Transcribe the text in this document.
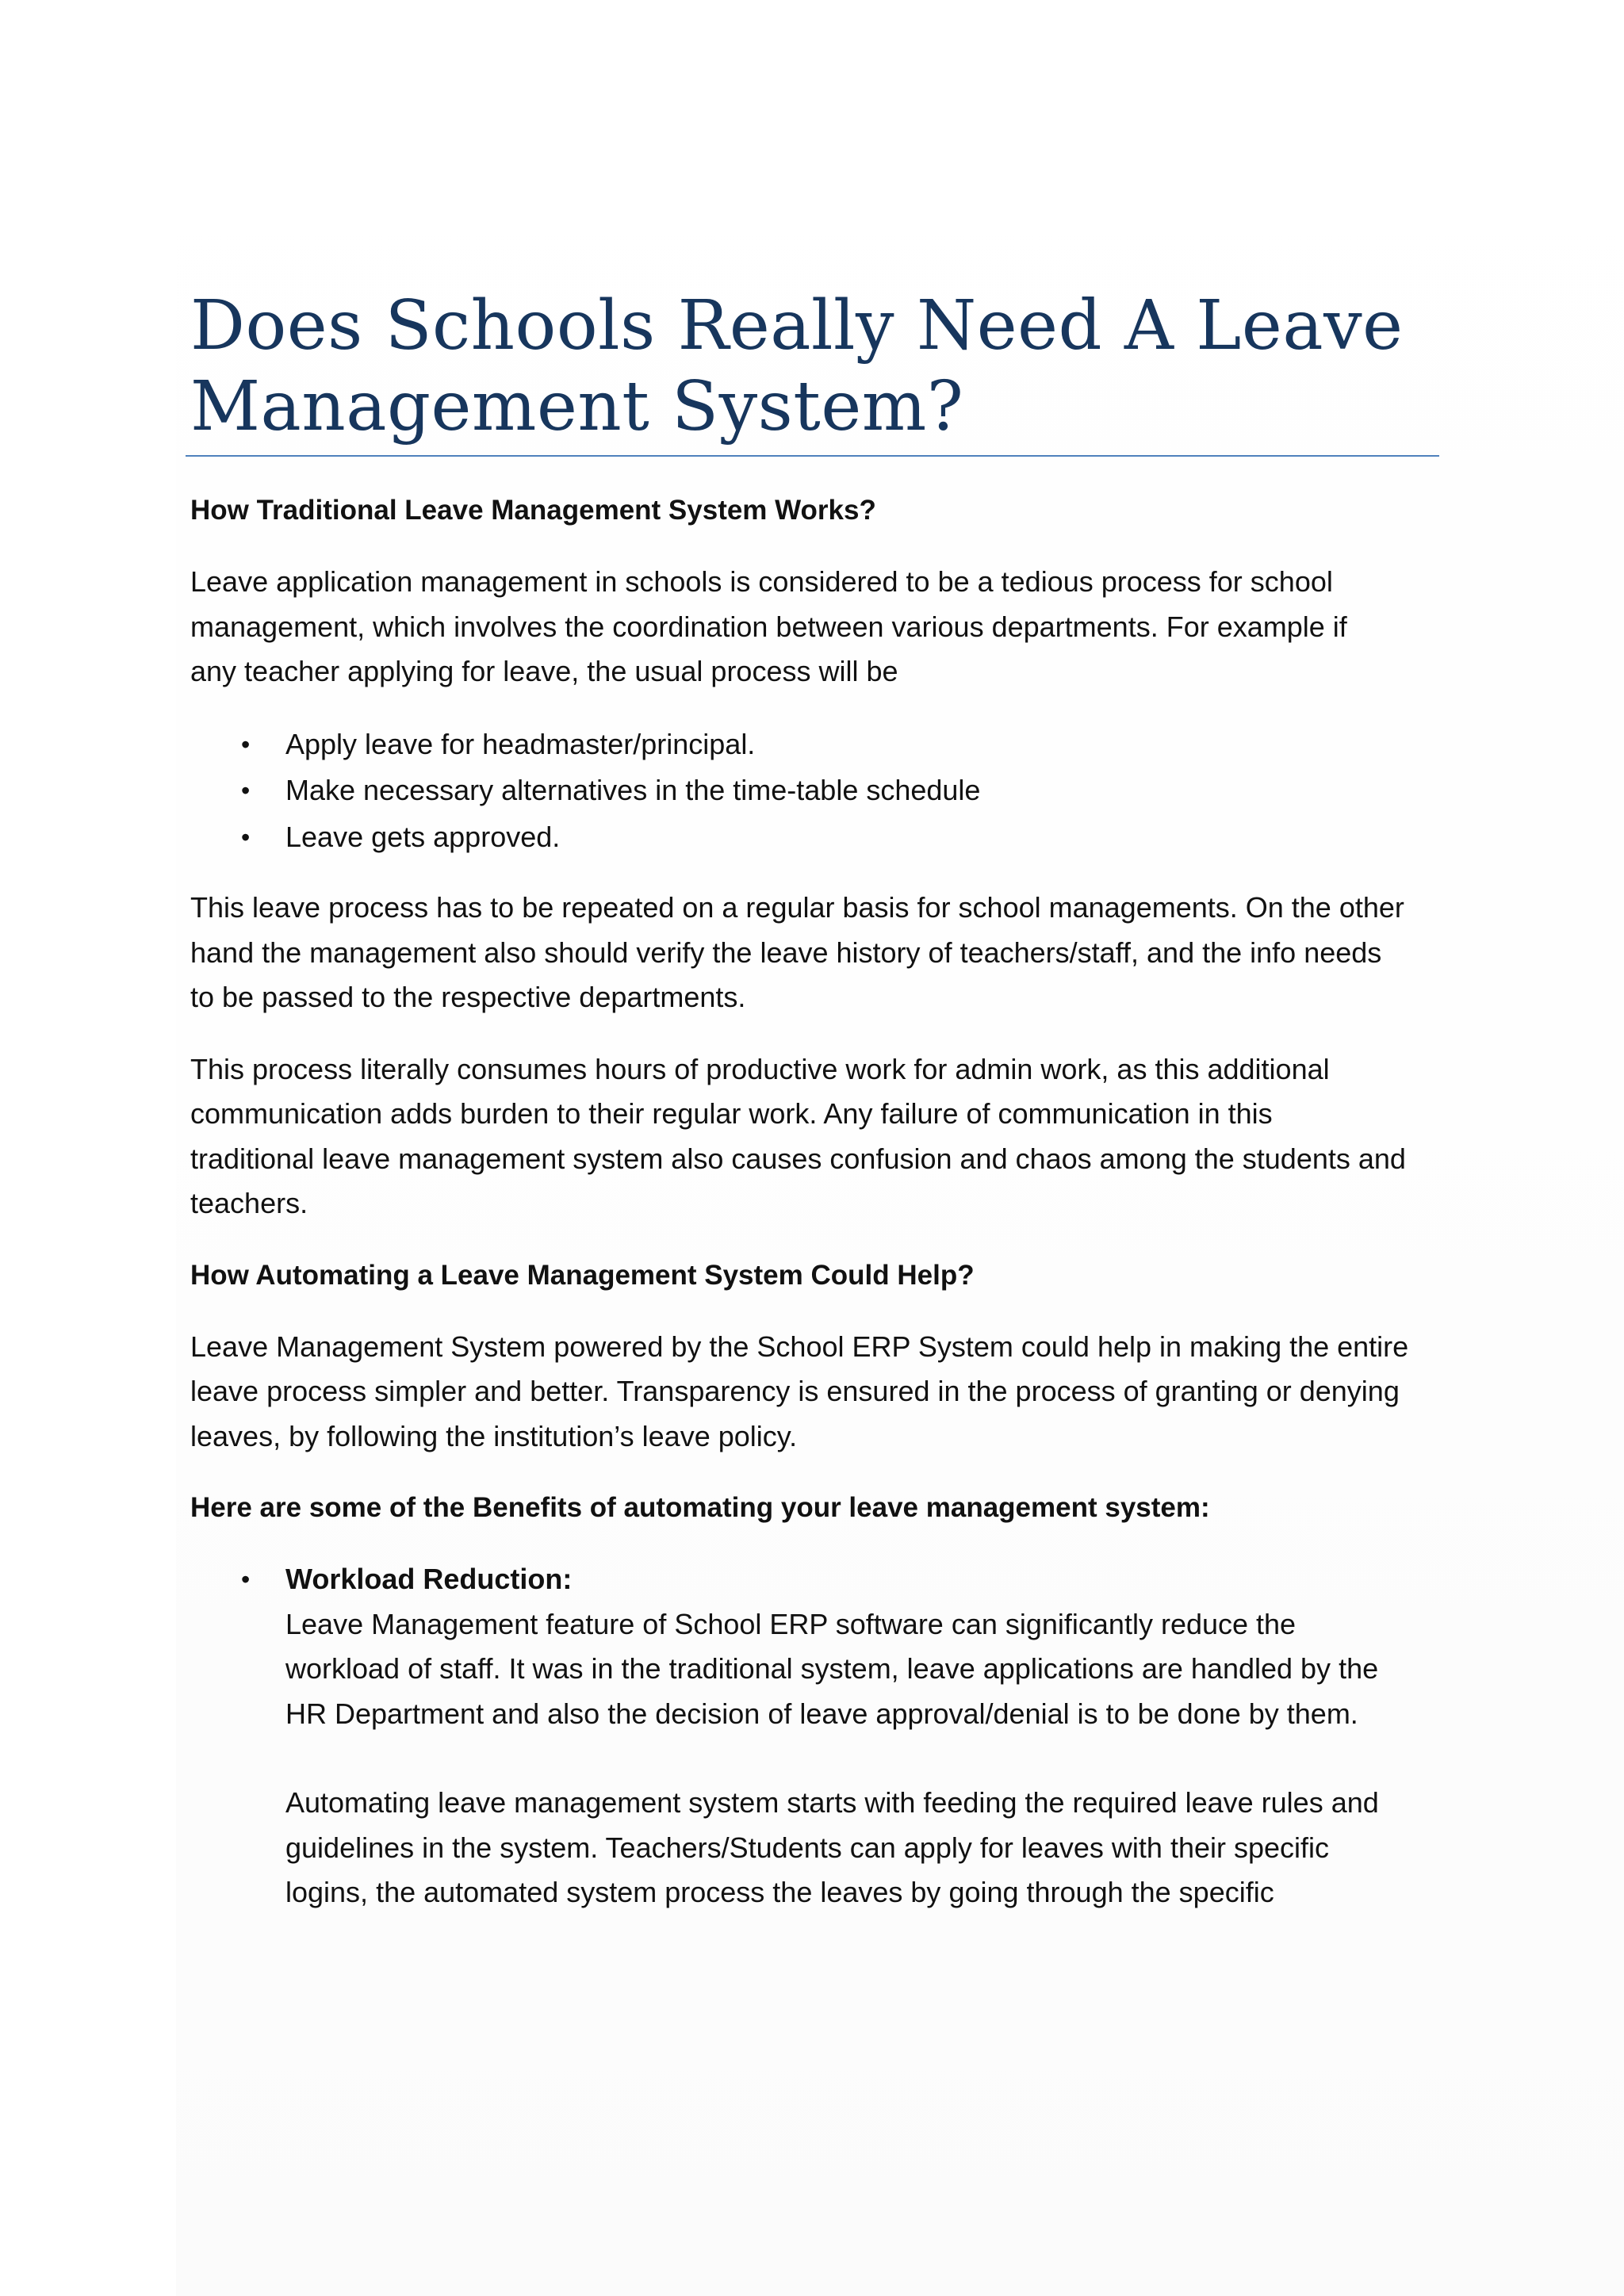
Does Schools Really Need A Leave
Management System?
How Traditional Leave Management System Works?

Leave application management in schools is considered to be a tedious process for school
management, which involves the coordination between various departments. For example if
any teacher applying for leave, the usual process will be

• Apply leave for headmaster/principal.
• Make necessary alternatives in the time-table schedule
• Leave gets approved.

This leave process has to be repeated on a regular basis for school managements. On the other
hand the management also should verify the leave history of teachers/staff, and the info needs
to be passed to the respective departments.

This process literally consumes hours of productive work for admin work, as this additional
communication adds burden to their regular work. Any failure of communication in this
traditional leave management system also causes confusion and chaos among the students and
teachers.

How Automating a Leave Management System Could Help?

Leave Management System powered by the School ERP System could help in making the entire
leave process simpler and better. Transparency is ensured in the process of granting or denying
leaves, by following the institution’s leave policy.

Here are some of the Benefits of automating your leave management system:
• Workload Reduction:
Leave Management feature of School ERP software can significantly reduce the
workload of staff. It was in the traditional system, leave applications are handled by the
HR Department and also the decision of leave approval/denial is to be done by them.
Automating leave management system starts with feeding the required leave rules and
guidelines in the system. Teachers/Students can apply for leaves with their specific
logins, the automated system process the leaves by going through the specific
